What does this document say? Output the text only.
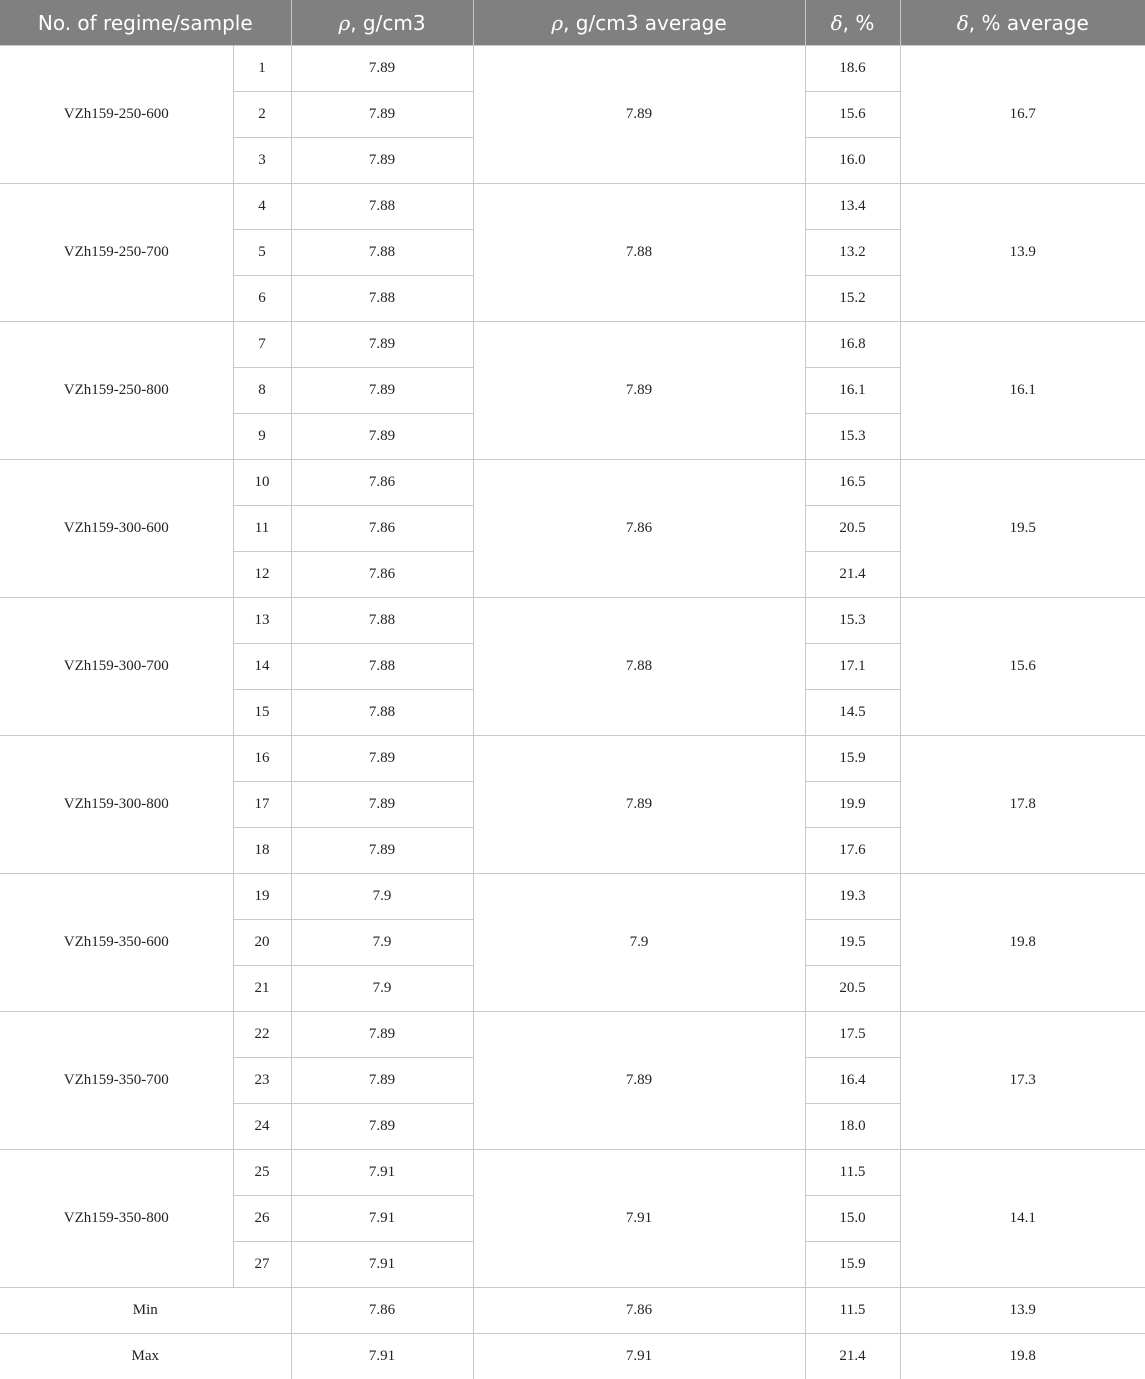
No. of regime/sample		ρ, g/cm3	ρ, g/cm3 average	δ, %	δ, % average
VZh159-250-600	1	7.89	7.89	18.6	16.7
	2	7.89		15.6	
	3	7.89		16.0	
VZh159-250-700	4	7.88	7.88	13.4	13.9
	5	7.88		13.2	
	6	7.88		15.2	
VZh159-250-800	7	7.89	7.89	16.8	16.1
	8	7.89		16.1	
	9	7.89		15.3	
VZh159-300-600	10	7.86	7.86	16.5	19.5
	11	7.86		20.5	
	12	7.86		21.4	
VZh159-300-700	13	7.88	7.88	15.3	15.6
	14	7.88		17.1	
	15	7.88		14.5	
VZh159-300-800	16	7.89	7.89	15.9	17.8
	17	7.89		19.9	
	18	7.89		17.6	
VZh159-350-600	19	7.9	7.9	19.3	19.8
	20	7.9		19.5	
	21	7.9		20.5	
VZh159-350-700	22	7.89	7.89	17.5	17.3
	23	7.89		16.4	
	24	7.89		18.0	
VZh159-350-800	25	7.91	7.91	11.5	14.1
	26	7.91		15.0	
	27	7.91		15.9	
Min		7.86	7.86	11.5	13.9
Max		7.91	7.91	21.4	19.8
